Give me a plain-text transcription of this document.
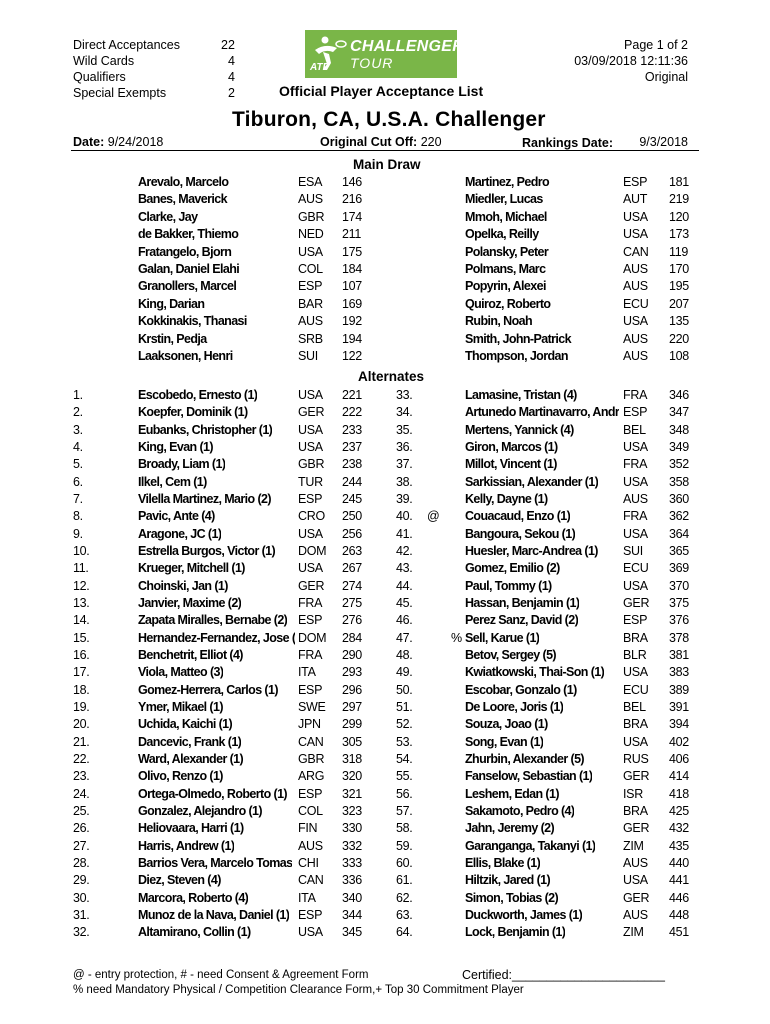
Direct Acceptances	22
Wild Cards	4
Qualifiers	4
Special Exempts	2
CHALLENGER
TOUR
ATP
Page 1 of 2
03/09/2018 12:11:36
Original
Official Player Acceptance List
Tiburon, CA, U.S.A. Challenger
Date: 9/24/2018	Original Cut Off: 220	Rankings Date: 9/3/2018
Main Draw
Arevalo, Marcelo	ESA 146
Banes, Maverick	AUS 216
Clarke, Jay	GBR 174
de Bakker, Thiemo	NED 211
Fratangelo, Bjorn	USA 175
Galan, Daniel Elahi	COL 184
Granollers, Marcel	ESP 107
King, Darian	BAR 169
Kokkinakis, Thanasi	AUS 192
Krstin, Pedja	SRB 194
Laaksonen, Henri	SUI 122
Martinez, Pedro	ESP 181
Miedler, Lucas	AUT 219
Mmoh, Michael	USA 120
Opelka, Reilly	USA 173
Polansky, Peter	CAN 119
Polmans, Marc	AUS 170
Popyrin, Alexei	AUS 195
Quiroz, Roberto	ECU 207
Rubin, Noah	USA 135
Smith, John-Patrick	AUS 220
Thompson, Jordan	AUS 108
Alternates
1.	Escobedo, Ernesto (1)	USA 221
2.	Koepfer, Dominik (1)	GER 222
3.	Eubanks, Christopher (1) USA 233
4.	King, Evan (1)	USA 237
5.	Broady, Liam (1)	GBR 238
6.	Ilkel, Cem (1)	TUR 244
7.	Vilella Martinez, Mario (2) ESP 245
8.	Pavic, Ante (4)	CRO 250
9.	Aragone, JC (1)	USA 256
10.	Estrella Burgos, Victor (1) DOM 263
11.	Krueger, Mitchell (1)	USA 267
12.	Choinski, Jan (1)	GER 274
13.	Janvier, Maxime (2)	FRA 275
14.	Zapata Miralles, Bernabe (2) ESP 276
15.	Hernandez-Fernandez, Jose ( DOM 284
16.	Benchetrit, Elliot (4)	FRA 290
17.	Viola, Matteo (3)	ITA 293
18.	Gomez-Herrera, Carlos (1) ESP 296
19.	Ymer, Mikael (1)	SWE 297
20.	Uchida, Kaichi (1)	JPN 299
21.	Dancevic, Frank (1)	CAN 305
22.	Ward, Alexander (1)	GBR 318
23.	Olivo, Renzo (1)	ARG 320
24.	Ortega-Olmedo, Roberto (1) ESP 321
25.	Gonzalez, Alejandro (1)	COL 323
26.	Heliovaara, Harri (1)	FIN 330
27.	Harris, Andrew (1)	AUS 332
28.	Barrios Vera, Marcelo Tomas CHI 333
29.	Diez, Steven (4)	CAN 336
30.	Marcora, Roberto (4)	ITA 340
31.	Munoz de la Nava, Daniel (1) ESP 344
32.	Altamirano, Collin (1)	USA 345
33.	Lamasine, Tristan (4)	FRA 346
34.	Artunedo Martinavarro, Andr ESP 347
35.	Mertens, Yannick (4)	BEL 348
36.	Giron, Marcos (1)	USA 349
37.	Millot, Vincent (1)	FRA 352
38.	Sarkissian, Alexander (1) USA 358
39.	Kelly, Dayne (1)	AUS 360
40. @ Couacaud, Enzo (1)	FRA 362
41.	Bangoura, Sekou (1)	USA 364
42.	Huesler, Marc-Andrea (1) SUI 365
43.	Gomez, Emilio (2)	ECU 369
44.	Paul, Tommy (1)	USA 370
45.	Hassan, Benjamin (1)	GER 375
46.	Perez Sanz, David (2)	ESP 376
47.	% Sell, Karue (1)	BRA 378
48.	Betov, Sergey (5)	BLR 381
49.	Kwiatkowski, Thai-Son (1) USA 383
50.	Escobar, Gonzalo (1)	ECU 389
51.	De Loore, Joris (1)	BEL 391
52.	Souza, Joao (1)	BRA 394
53.	Song, Evan (1)	USA 402
54.	Zhurbin, Alexander (5)	RUS 406
55.	Fanselow, Sebastian (1) GER 414
56.	Leshem, Edan (1)	ISR 418
57.	Sakamoto, Pedro (4)	BRA 425
58.	Jahn, Jeremy (2)	GER 432
59.	Garanganga, Takanyi (1) ZIM 435
60.	Ellis, Blake (1)	AUS 440
61.	Hiltzik, Jared (1)	USA 441
62.	Simon, Tobias (2)	GER 446
63.	Duckworth, James (1)	AUS 448
64.	Lock, Benjamin (1)	ZIM 451
@ - entry protection, # - need Consent & Agreement Form	Certified:______________________
% need Mandatory Physical / Competition Clearance Form,+ Top 30 Commitment Player
